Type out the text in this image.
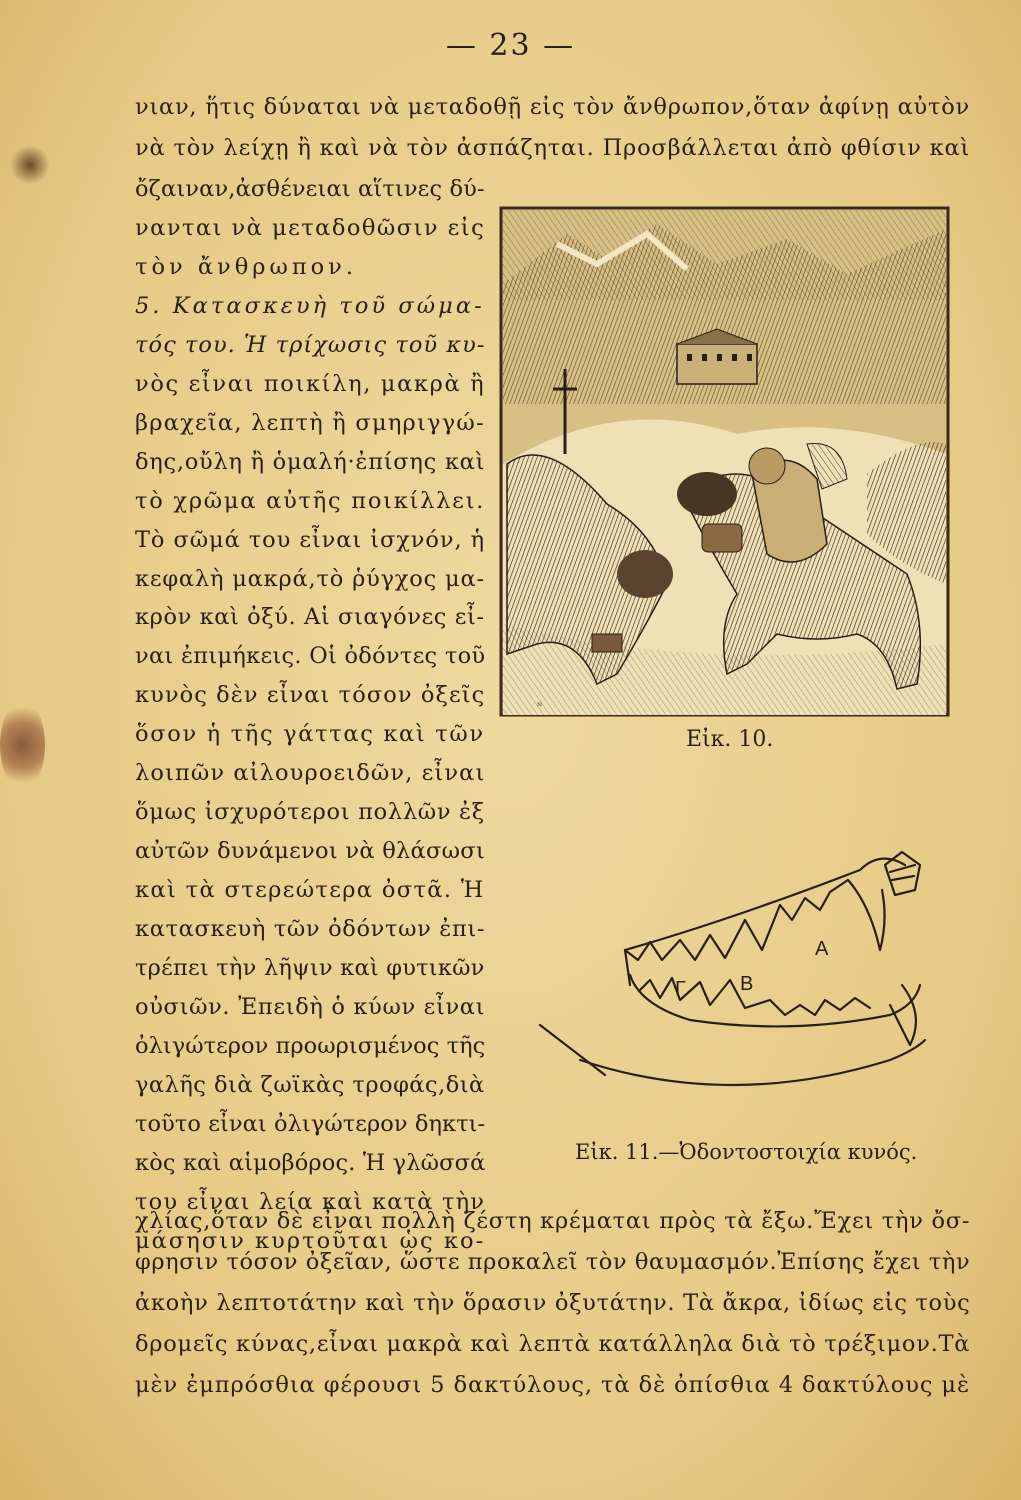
— 23 —
νιαν, ἥτις δύναται νὰ μεταδοθῇ εἰς τὸν ἄνθρωπον,ὅταν ἀφίνῃ αὐτὸν
νὰ τὸν λείχῃ ἢ καὶ νὰ τὸν ἀσπάζηται. Προσβάλλεται ἀπὸ φθίσιν καὶ
ὄζαιναν,ἀσθένειαι αἵτινες δύ-
νανται νὰ μεταδοθῶσιν εἰς
τὸν ἄνθρωπον.
5. Κατασκευὴ τοῦ σώμα-
τός του. Ἡ τρίχωσις τοῦ κυ-
νὸς εἶναι ποικίλη, μακρὰ ἢ
βραχεῖα, λεπτὴ ἢ σμηριγγώ-
δης,οὔλη ἢ ὁμαλή·ἐπίσης καὶ
τὸ χρῶμα αὐτῆς ποικίλλει.
Τὸ σῶμά του εἶναι ἰσχνόν, ἡ
κεφαλὴ μακρά,τὸ ῥύγχος μα-
κρὸν καὶ ὀξύ. Αἱ σιαγόνες εἶ-
ναι ἐπιμήκεις. Οἱ ὀδόντες τοῦ
κυνὸς δὲν εἶναι τόσον ὀξεῖς
ὅσον ἡ τῆς γάττας καὶ τῶν
λοιπῶν αἰλουροειδῶν, εἶναι
ὅμως ἰσχυρότεροι πολλῶν ἐξ
αὐτῶν δυνάμενοι νὰ θλάσωσι
καὶ τὰ στερεώτερα ὀστᾶ. Ἡ
κατασκευὴ τῶν ὀδόντων ἐπι-
τρέπει τὴν λῆψιν καὶ φυτικῶν
οὐσιῶν. Ἐπειδὴ ὁ κύων εἶναι
ὀλιγώτερον προωρισμένος τῆς
γαλῆς διὰ ζωϊκὰς τροφάς,διὰ
τοῦτο εἶναι ὀλιγώτερον δηκτι-
κὸς καὶ αἱμοβόρος. Ἡ γλῶσσά
του εἶναι λεία καὶ κατὰ τὴν
μάσησιν κυρτοῦται ὡς κο-
χλίας,ὅταν δὲ εἶναι πολλὴ ζέστη κρέμαται πρὸς τὰ ἔξω.Ἔχει τὴν ὄσ-
φρησιν τόσον ὀξεῖαν, ὥστε προκαλεῖ τὸν θαυμασμόν.Ἐπίσης ἔχει τὴν
ἀκοὴν λεπτοτάτην καὶ τὴν ὅρασιν ὀξυτάτην. Τὰ ἄκρα, ἰδίως εἰς τοὺς
δρομεῖς κύνας,εἶναι μακρὰ καὶ λεπτὰ κατάλληλα διὰ τὸ τρέξιμον.Τὰ
μὲν ἐμπρόσθια φέρουσι 5 δακτύλους, τὰ δὲ ὀπίσθια 4 δακτύλους μὲ
ᴺ
Εἰκ. 10.
A
B
Γ
Εἰκ. 11.—Ὀδοντοστοιχία κυνός.
